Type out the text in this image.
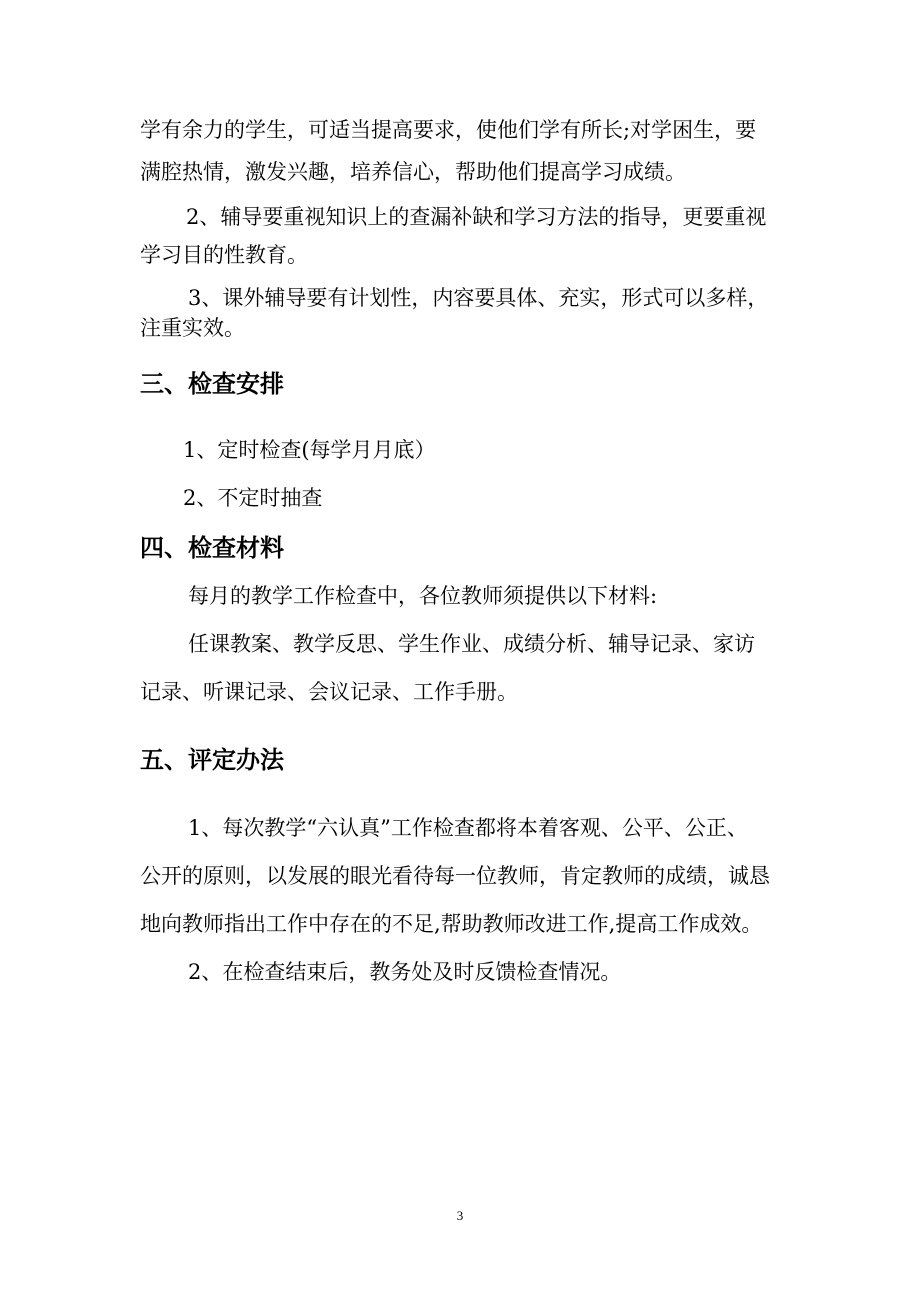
学有余力的学生，可适当提高要求，使他们学有所长;对学困生，要
满腔热情，激发兴趣，培养信心，帮助他们提高学习成绩。
2、辅导要重视知识上的查漏补缺和学习方法的指导，更要重视
学习目的性教育。
3、课外辅导要有计划性，内容要具体、充实，形式可以多样，
注重实效。
三、检查安排
1、定时检查(每学月月底）
2、不定时抽查
四、检查材料
每月的教学工作检查中，各位教师须提供以下材料:
任课教案、教学反思、学生作业、成绩分析、辅导记录、家访
记录、听课记录、会议记录、工作手册。
五、评定办法
1、每次教学“六认真”工作检查都将本着客观、公平、公正、
公开的原则，以发展的眼光看待每一位教师，肯定教师的成绩，诚恳
地向教师指出工作中存在的不足,帮助教师改进工作,提高工作成效。
2、在检查结束后，教务处及时反馈检查情况。
3
